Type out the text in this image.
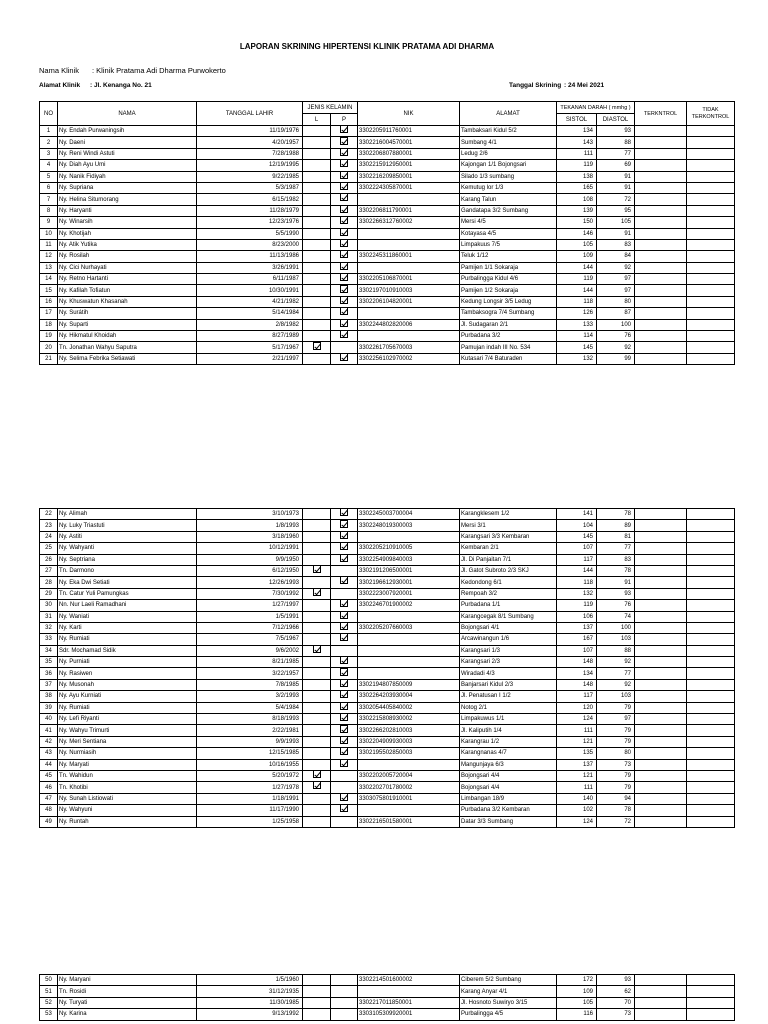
LAPORAN SKRINING HIPERTENSI KLINIK PRATAMA ADI DHARMA
Nama Klinik : Klinik Pratama Adi Dharma Purwokerto
Alamat Klinik : Jl. Kenanga No. 21	Tanggal Skrining : 24 Mei 2021
NO	NAMA	TANGGAL LAHIR	JENIS KELAMIN		NIK	ALAMAT	TEKANAN DARAH ( mmhg )		TERKNTROL	TIDAK TERKONTROL
			L	P			SISTOL	DIASTOL		
1	Ny. Endah Purwaningsih	11/19/1976			3302205911760001	Tambaksari Kidul 5/2	134	93		
2	Ny. Daeni	4/20/1957			3302216004570001	Sumbang 4/1	143	88		
3	Ny. Reni Windi Astuti	7/28/1988			3302206807880001	Ledug 2/6	111	77		
4	Ny. Diah Ayu Umi	12/19/1995			3302215912950001	Kajongan 1/1 Bojongsari	119	69		
5	Ny. Nanik Fidiyah	9/22/1985			3302216209850001	Silado 1/3 sumbang	138	91		
6	Ny. Supriana	5/3/1987			3302224305870001	Kemutug lor 1/3	165	91		
7	Ny. Helina Situmorang	6/15/1982				Karang Talun	108	72		
8	Ny. Haryanti	11/28/1979			3302206811790001	Gandatapa 3/2 Sumbang	139	95		
9	Ny. Winarsih	12/23/1976			3302266312760002	Mersi 4/5	150	105		
10	Ny. Khotijah	5/5/1990				Kotayasa 4/5	146	91		
11	Ny. Atik Yutika	8/23/2000				Limpakuus 7/5	105	83		
12	Ny. Rosilah	11/13/1986			3302245311860001	Teluk 1/12	109	84		
13	Ny. Cici Nurhayati	3/26/1991				Pamijen 1/1 Sokaraja	144	92		
14	Ny. Retno Hartanti	6/11/1987			3302205106870001	Purbalingga Kidul 4/6	119	97		
15	Ny. Kafilah Tofiatun	10/30/1991			3302197010910003	Pamijen 1/2 Sokaraja	144	97		
16	Ny. Khuswatun Khasanah	4/21/1982			3302206104820001	Kedung Longsir 3/5 Ledug	118	80		
17	Ny. Surátih	5/14/1984				Tambaksogra 7/4 Sumbang	126	87		
18	Ny. Suparti	2/8/1982			3302244802820006	Jl. Sudagaran 2/1	133	100		
19	Ny. Hikmatul Khoidah	8/27/1989				Purbadana 3/2	114	76		
20	Tn. Jonathan Wahyu Saputra	5/17/1967			3302261705670003	Pamujan indah III No. 534	145	92		
21	Ny. Selima Febrika Setiawati	2/21/1997			3302256102970002	Kutasari 7/4 Baturaden	132	99		
22	Ny. Alimah	3/10/1973			3302245003700004	Karangklesem 1/2	141	78		
23	Ny. Luky Triastuti	1/8/1993			3302248019300003	Mersi 3/1	104	89		
24	Ny. Astiti	3/18/1960				Karangsari 3/3 Kembaran	145	81		
25	Ny. Wahyanti	10/12/1991			3302205210910005	Kembaran 2/1	107	77		
26	Ny. Septriana	9/9/1950			3302254909840003	Jl. Di Panjaitan 7/1	117	83		
27	Tn. Darmono	6/12/1950			3302191206500001	Jl. Gatot Subroto 2/3 SKJ	144	78		
28	Ny. Eka Dwi Setiati	12/26/1993			3302196612930001	Kedondong 6/1	118	91		
29	Tn. Catur Yuli Pamungkas	7/30/1992			3302223007920001	Rempoah 3/2	132	93		
30	Nn. Nur Laeli Ramadhani	1/27/1997			3302246701900002	Purbadana 1/1	119	76		
31	Ny. Waniati	1/5/1991				Karangcegak 8/1 Sumbang	106	74		
32	Ny. Karti	7/12/1966			3302205207660003	Bojongsari 4/1	137	100		
33	Ny. Rumiati	7/5/1967				Arcawinangun 1/6	167	103		
34	Sdr. Mochamad Sidik	9/6/2002				Karangsari 1/3	107	88		
35	Ny. Purniati	8/21/1985				Karangsari 2/3	148	92		
36	Ny. Rasiwen	3/22/1957				Wiradadi 4/3	134	77		
37	Ny. Musonah	7/8/1985			3302194807850009	Banjarsari Kidul 2/3	148	92		
38	Ny. Ayu Kurniati	3/2/1993			3302264203930004	Jl. Penatusan I 1/2	117	103		
39	Ny. Rumiati	5/4/1984			3302054405840002	Notog 2/1	120	79		
40	Ny. Lefi Riyanti	8/18/1993			3302215808930002	Limpakuwus 1/1	124	97		
41	Ny. Wahyu Trimurti	2/22/1981			3302266202810003	Jl. Kaliputih 1/4	111	79		
42	Ny. Meri Sentiana	9/9/1993			3302204909930003	Karangrau 1/2	121	79		
43	Ny. Nurmiasih	12/15/1985			3302195502850003	Karangnanas 4/7	135	80		
44	Ny. Maryati	10/16/1955				Mangunjaya 6/3	137	73		
45	Tn. Wahidun	5/20/1972			3302202005720004	Bojongsari 4/4	121	79		
46	Tn. Khotibi	1/27/1978			3302202701780002	Bojongsari 4/4	111	79		
47	Ny. Sunah Listiowati	1/18/1991			3303075801910001	Limbangan 18/9	140	94		
48	Ny. Wahyuni	11/17/1990				Purbadana 3/2 Kembaran	102	78		
49	Ny. Runtah	1/25/1958			3302216501580001	Datar 3/3 Sumbang	124	72		
50	Ny. Maryani	1/5/1960			3302214501600002	Ciberem 5/2 Sumbang	172	93		
51	Tn. Rosidi	31/12/1935				Karang Anyar 4/1	109	62		
52	Ny. Turyati	11/30/1985			3302217011850001	Jl. Hosnoto Suwiryo 3/15	105	70		
53	Ny. Karina	9/13/1992			3303105309920001	Purbalingga 4/5	116	73		
